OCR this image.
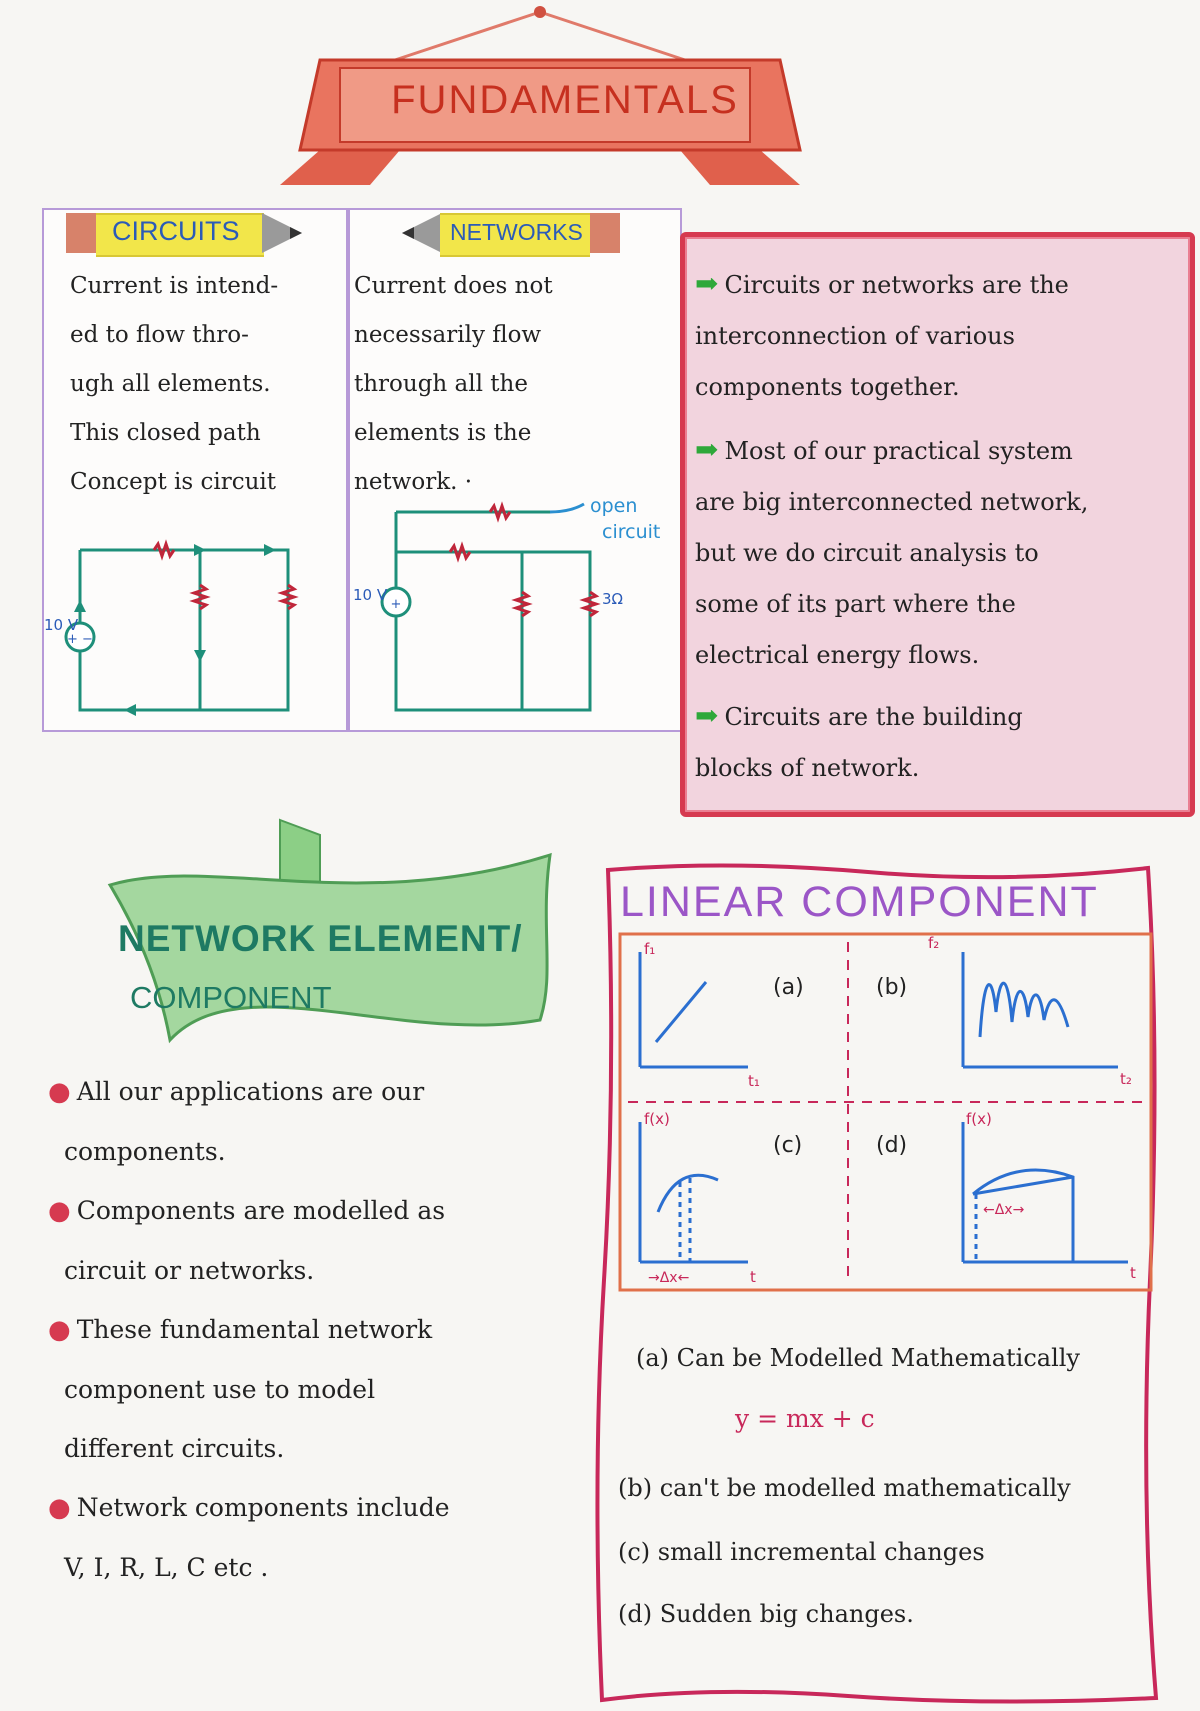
FUNDAMENTALS
CIRCUITS
Current is intend-
ed to flow thro-
ugh all elements.
This closed path
Concept is circuit
+ −
10 V
NETWORKS
Current does not
necessarily flow
through all the
elements is the
network. ·
+
10 V
open
circuit
3Ω
➡ Circuits or networks are the
interconnection of various
components together.
➡ Most of our practical system
are big interconnected network,
but we do circuit analysis to
some of its part where the
electrical energy flows.
➡ Circuits are the building
blocks of network.
NETWORK ELEMENT/
COMPONENT
● All our applications are our
components.
● Components are modelled as
circuit or networks.
● These fundamental network
component use to model
different circuits.
● Network components include
V, I, R, L, C etc .
LINEAR COMPONENT
f₁
t₁
(a)
f₂
t₂
(b)
f(x)
→Δx←	t
(c)
f(x)
←Δx→
t
(d)
(a) Can be Modelled Mathematically
y = mx + c
(b) can't be modelled mathematically
(c) small incremental changes
(d) Sudden big changes.
